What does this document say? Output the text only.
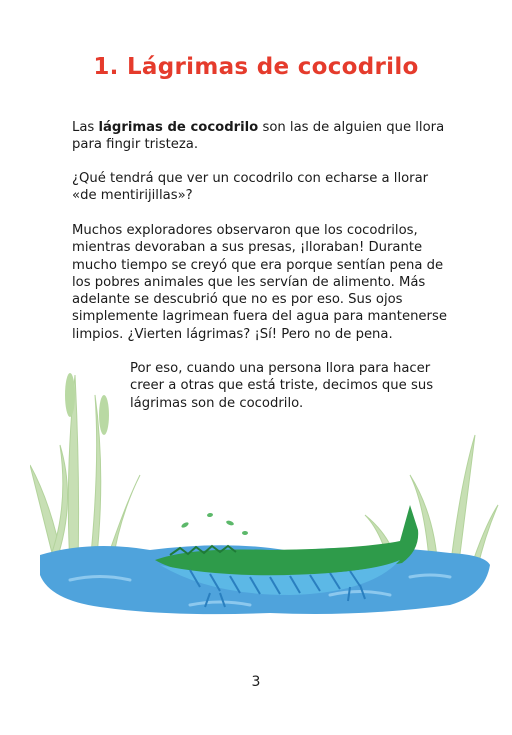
1. Lágrimas de cocodrilo

Las lágrimas de cocodrilo son las de alguien que llora para fingir tristeza.

¿Qué tendrá que ver un cocodrilo con echarse a llorar «de mentirijillas»?

Muchos exploradores observaron que los cocodrilos, mientras devoraban a sus presas, ¡lloraban! Durante mucho tiempo se creyó que era porque sentían pena de los pobres animales que les servían de alimento. Más adelante se descubrió que no es por eso. Sus ojos simplemente lagrimean fuera del agua para mantenerse limpios. ¿Vierten lágrimas? ¡Sí! Pero no de pena.

Por eso, cuando una persona llora para hacer creer a otras que está triste, decimos que sus lágrimas son de cocodrilo.

3
